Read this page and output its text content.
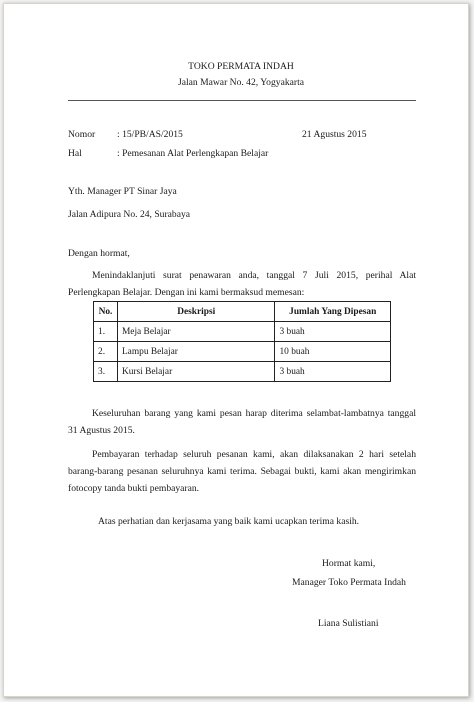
TOKO PERMATA INDAH
Jalan Mawar No. 42, Yogyakarta
Nomor : 15/PB/AS/2015	21 Agustus 2015
Hal	: Pemesanan Alat Perlengkapan Belajar
Yth. Manager PT Sinar Jaya
Jalan Adipura No. 24, Surabaya
Dengan hormat,
Menindaklanjuti surat penawaran anda, tanggal 7 Juli 2015, perihal Alat Perlengkapan Belajar. Dengan ini kami bermaksud memesan:
No.	Deskripsi	Jumlah Yang Dipesan
1.	Meja Belajar	3 buah
2.	Lampu Belajar	10 buah
3.	Kursi Belajar	3 buah
Keseluruhan barang yang kami pesan harap diterima selambat-lambatnya tanggal 31 Agustus 2015.
Pembayaran terhadap seluruh pesanan kami, akan dilaksanakan 2 hari setelah barang-barang pesanan seluruhnya kami terima. Sebagai bukti, kami akan mengirimkan fotocopy tanda bukti pembayaran.
Atas perhatian dan kerjasama yang baik kami ucapkan terima kasih.
Hormat kami,
Manager Toko Permata Indah
Liana Sulistiani
